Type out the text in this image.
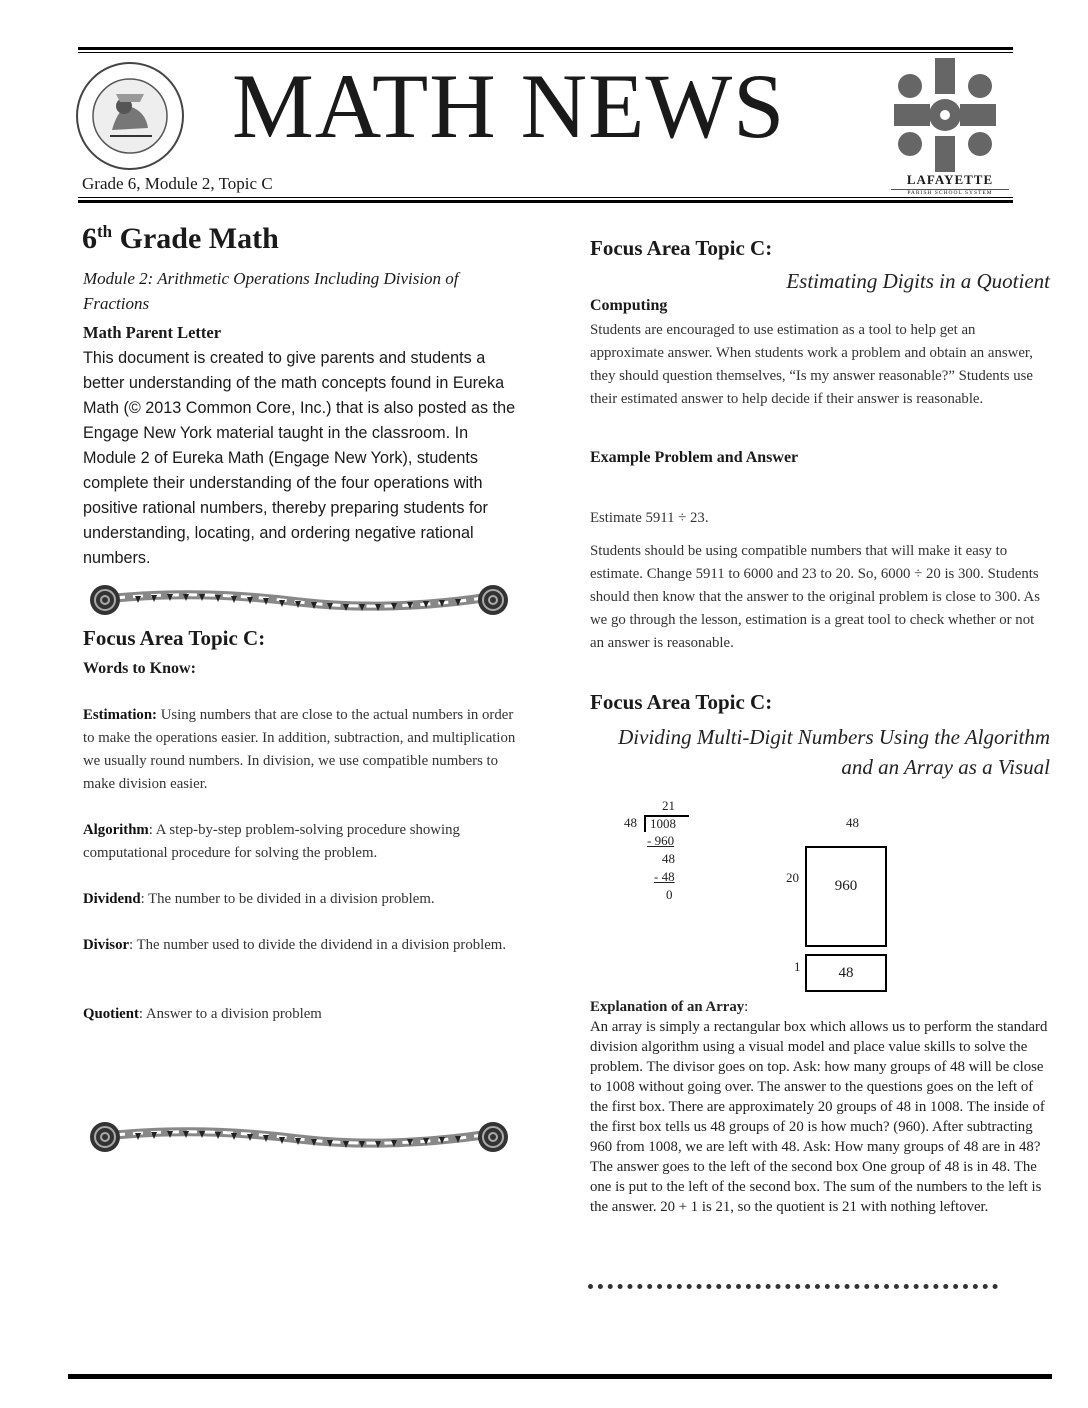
MATH NEWS
Grade 6, Module 2, Topic C	LAFAYETTE
PARISH SCHOOL SYSTEM
6th Grade Math
Module 2: Arithmetic Operations Including Division of Fractions
Math Parent Letter
This document is created to give parents and students a better understanding of the math concepts found in Eureka Math (© 2013 Common Core, Inc.) that is also posted as the Engage New York material taught in the classroom. In Module 2 of Eureka Math (Engage New York), students complete their understanding of the four operations with positive rational numbers, thereby preparing students for understanding, locating, and ordering negative rational numbers.
Focus Area Topic C:
Words to Know:
Estimation: Using numbers that are close to the actual numbers in order to make the operations easier. In addition, subtraction, and multiplication we usually round numbers. In division, we use compatible numbers to make division easier.
Algorithm: A step-by-step problem-solving procedure showing computational procedure for solving the problem.
Dividend: The number to be divided in a division problem.
Divisor: The number used to divide the dividend in a division problem.
Quotient: Answer to a division problem
Focus Area Topic C:
Estimating Digits in a Quotient
Computing
Students are encouraged to use estimation as a tool to help get an approximate answer. When students work a problem and obtain an answer, they should question themselves, “Is my answer reasonable?” Students use their estimated answer to help decide if their answer is reasonable.
Example Problem and Answer
Estimate 5911 ÷ 23.
Students should be using compatible numbers that will make it easy to estimate. Change 5911 to 6000 and 23 to 20. So, 6000 ÷ 20 is 300. Students should then know that the answer to the original problem is close to 300. As we go through the lesson, estimation is a great tool to check whether or not an answer is reasonable.
Focus Area Topic C:
Dividing Multi-Digit Numbers Using the Algorithm
and an Array as a Visual
21
48 1008
- 960
48
- 48
0
48
20
960
1	48
Explanation of an Array:
An array is simply a rectangular box which allows us to perform the standard division algorithm using a visual model and place value skills to solve the problem. The divisor goes on top. Ask: how many groups of 48 will be close to 1008 without going over. The answer to the questions goes on the left of the first box. There are approximately 20 groups of 48 in 1008. The inside of the first box tells us 48 groups of 20 is how much? (960). After subtracting 960 from 1008, we are left with 48. Ask: How many groups of 48 are in 48? The answer goes to the left of the second box One group of 48 is in 48. The one is put to the left of the second box. The sum of the numbers to the left is the answer. 20 + 1 is 21, so the quotient is 21 with nothing leftover.
